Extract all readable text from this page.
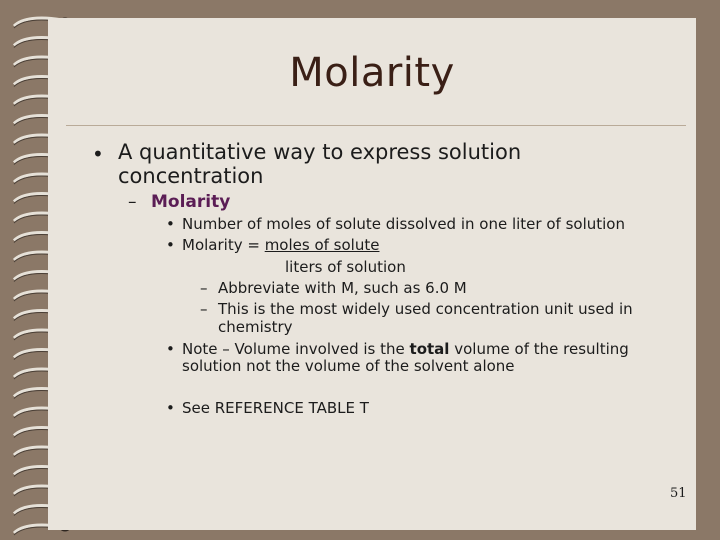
Molarity
• A quantitative way to express solution
concentration
– Molarity
• Number of moles of solute dissolved in one liter of solution
• Molarity = moles of solute
liters of solution
– Abbreviate with M, such as 6.0 M
– This is the most widely used concentration unit used in
chemistry
• Note – Volume involved is the total volume of the resulting
solution not the volume of the solvent alone
• See REFERENCE TABLE T
51
